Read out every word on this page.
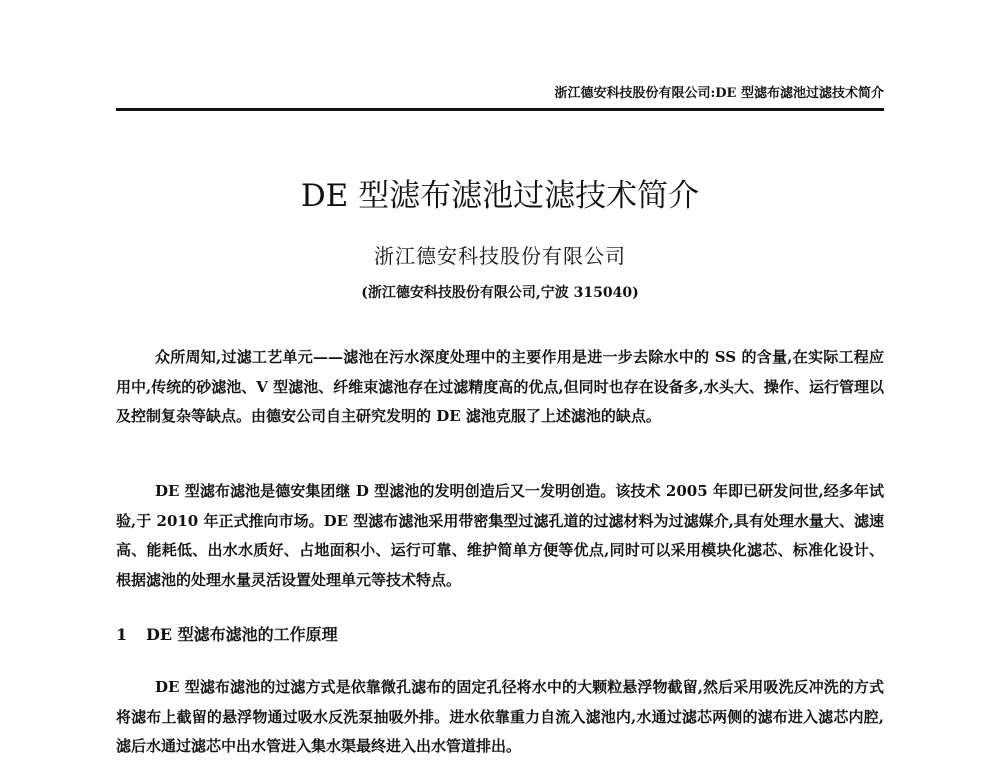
浙江德安科技股份有限公司:DE 型滤布滤池过滤技术简介
DE 型滤布滤池过滤技术简介
浙江德安科技股份有限公司
(浙江德安科技股份有限公司,宁波 315040)

众所周知,过滤工艺单元——滤池在污水深度处理中的主要作用是进一步去除水中的 SS 的含量,在实际工程应用中,传统的砂滤池、V 型滤池、纤维束滤池存在过滤精度高的优点,但同时也存在设备多,水头大、操作、运行管理以及控制复杂等缺点。由德安公司自主研究发明的 DE 滤池克服了上述滤池的缺点。

DE 型滤布滤池是德安集团继 D 型滤池的发明创造后又一发明创造。该技术 2005 年即已研发问世,经多年试验,于 2010 年正式推向市场。DE 型滤布滤池采用带密集型过滤孔道的过滤材料为过滤媒介,具有处理水量大、滤速高、能耗低、出水水质好、占地面积小、运行可靠、维护简单方便等优点,同时可以采用模块化滤芯、标准化设计、根据滤池的处理水量灵活设置处理单元等技术特点。

1 DE 型滤布滤池的工作原理

DE 型滤布滤池的过滤方式是依靠微孔滤布的固定孔径将水中的大颗粒悬浮物截留,然后采用吸洗反冲洗的方式将滤布上截留的悬浮物通过吸水反洗泵抽吸外排。进水依靠重力自流入滤池内,水通过滤芯两侧的滤布进入滤芯内腔,滤后水通过滤芯中出水管进入集水渠最终进入出水管道排出。
